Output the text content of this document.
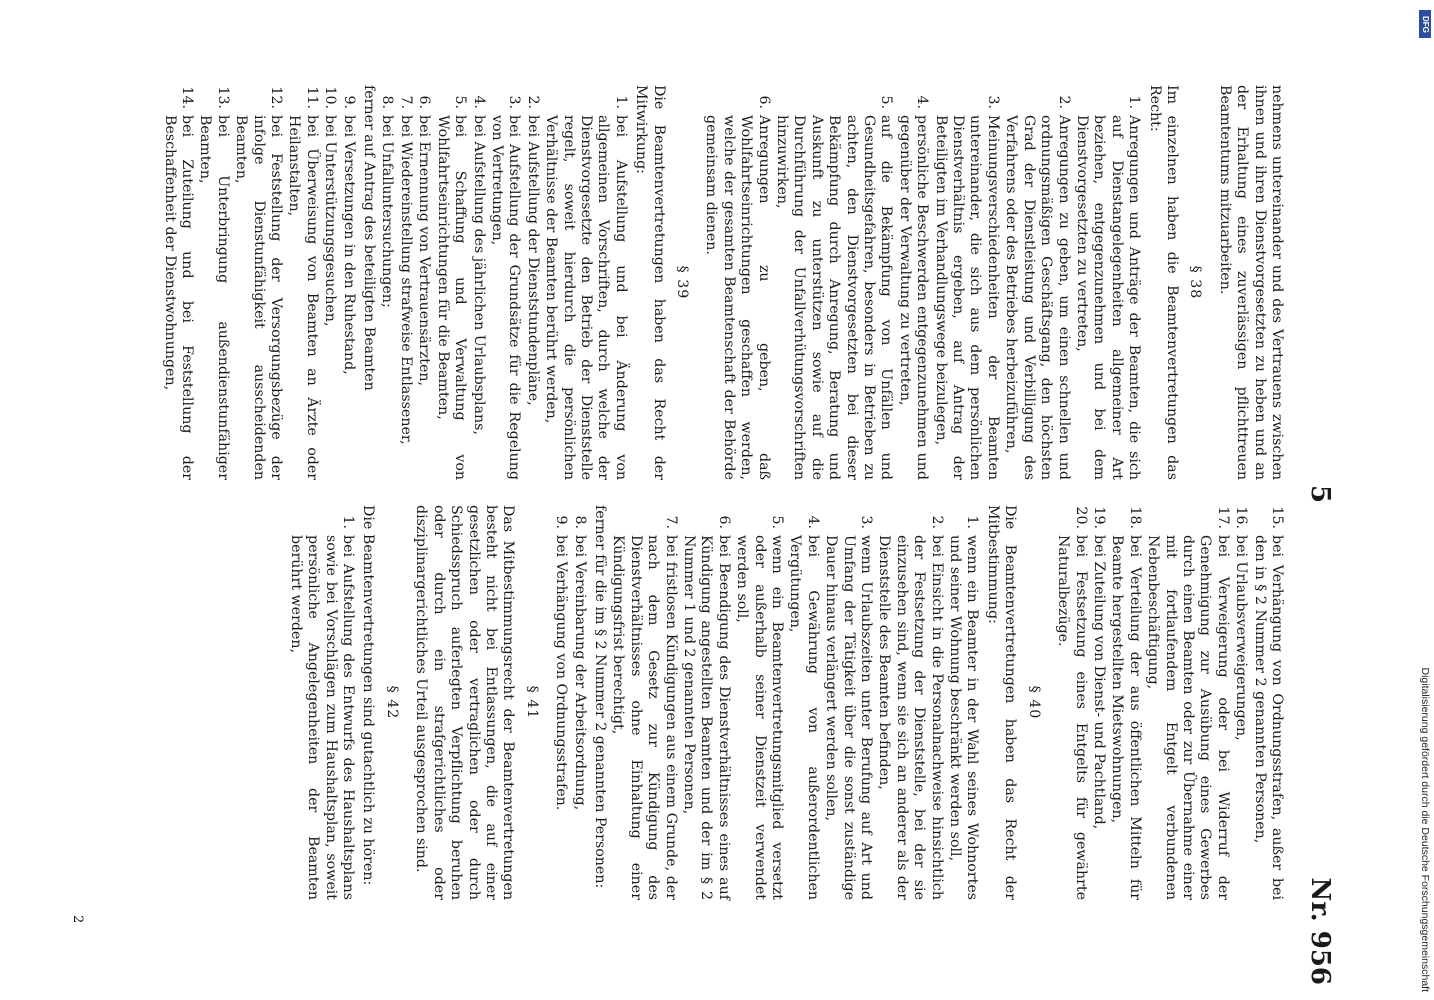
5
Nr. 956

nehmens untereinander und des Vertrauens zwischen ihnen und ihren Dienstvorgesetzten zu heben und an der Erhaltung eines zuverlässigen pflichttreuen Beamtentums mitzuarbeiten.

§ 38

Im einzelnen haben die Beamtenvertretungen das Recht:

1.
Anregungen und Anträge der Beamten, die sich auf Dienstangelegenheiten allgemeiner Art beziehen, entgegenzunehmen und bei dem Dienstvorgesetzten zu vertreten,
2.
Anregungen zu geben, um einen schnellen und ordnungsmäßigen Geschäftsgang, den höchsten Grad der Dienstleistung und Verbilligung des Verfahrens oder des Betriebes herbeizuführen,
3.
Meinungsverschiedenheiten der Beamten untereinander, die sich aus dem persönlichen Dienstverhältnis ergeben, auf Antrag der Beteiligten im Verhandlungswege beizulegen,
4.
persönliche Beschwerden entgegenzunehmen und gegenüber der Verwaltung zu vertreten,
5.
auf die Bekämpfung von Unfällen und Gesundheitsgefahren, besonders in Betrieben zu achten, den Dienstvorgesetzten bei dieser Bekämpfung durch Anregung, Beratung und Auskunft zu unterstützen sowie auf die Durchführung der Unfallverhütungsvorschriften hinzuwirken,
6.
Anregungen zu geben, daß Wohlfahrtseinrichtungen geschaffen werden, welche der gesamten Beamtenschaft der Behörde gemeinsam dienen.
§ 39

Die Beamtenvertretungen haben das Recht der Mitwirkung:

1.
bei Aufstellung und bei Änderung von allgemeinen Vorschriften, durch welche der Dienstvorgesetzte den Betrieb der Dienststelle regelt, soweit hierdurch die persönlichen Verhältnisse der Beamten berührt werden,
2.
bei Aufstellung der Dienststundenpläne,
3.
bei Aufstellung der Grundsätze für die Regelung von Vertretungen,
4.
bei Aufstellung des jährlichen Urlaubsplans,
5.
bei Schaffung und Verwaltung von Wohlfahrtseinrichtungen für die Beamten,
6.
bei Ernennung von Vertrauensärzten,
7.
bei Wiedereinstellung strafweise Entlassener,
8.
bei Unfalluntersuchungen;

ferner auf Antrag des beteiligten Beamten

9.
bei Versetzungen in den Ruhestand,
10.
bei Unterstützungsgesuchen,
11.
bei Überweisung von Beamten an Ärzte oder Heilanstalten,
12.
bei Feststellung der Versorgungsbezüge der infolge Dienstunfähigkeit ausscheidenden Beamten,
13.
bei Unterbringung außendienstunfähiger Beamten,
14.
bei Zuteilung und bei Feststellung der Beschaffenheit der Dienstwohnungen,
15.
bei Verhängung von Ordnungsstrafen, außer bei den in § 2 Nummer 2 genannten Personen,
16.
bei Urlaubsverweigerungen,
17.
bei Verweigerung oder bei Widerruf der Genehmigung zur Ausübung eines Gewerbes durch einen Beamten oder zur Übernahme einer mit fortlaufendem Entgelt verbundenen Nebenbeschäftigung,
18.
bei Verteilung der aus öffentlichen Mitteln für Beamte hergestellten Mietswohnungen,
19.
bei Zuteilung von Dienst- und Pachtland,
20.
bei Festsetzung eines Entgelts für gewährte Naturalbezüge.
§ 40

Die Beamtenvertretungen haben das Recht der Mitbestimmung:

1.
wenn ein Beamter in der Wahl seines Wohnortes und seiner Wohnung beschränkt werden soll,
2.
bei Einsicht in die Personalnachweise hinsichtlich der Festsetzung der Dienststelle, bei der sie einzusehen sind, wenn sie sich an anderer als der Dienststelle des Beamten befinden,
3.
wenn Urlaubszeiten unter Berufung auf Art und Umfang der Tätigkeit über die sonst zuständige Dauer hinaus verlängert werden sollen,
4.
bei Gewährung von außerordentlichen Vergütungen,
5.
wenn ein Beamtenvertretungsmitglied versetzt oder außerhalb seiner Dienstzeit verwendet werden soll,
6.
bei Beendigung des Dienstverhältnisses eines auf Kündigung angestellten Beamten und der im § 2 Nummer 1 und 2 genannten Personen,
7.
bei fristlosen Kündigungen aus einem Grunde, der nach dem Gesetz zur Kündigung des Dienstverhältnisses ohne Einhaltung einer Kündigungsfrist berechtigt,

ferner für die im § 2 Nummer 2 genannten Personen:

8.
bei Vereinbarung der Arbeitsordnung,
9.
bei Verhängung von Ordnungsstrafen.
§ 41

Das Mitbestimmungsrecht der Beamtenvertretungen besteht nicht bei Entlassungen, die auf einer gesetzlichen oder vertraglichen oder durch Schiedsspruch auferlegten Verpflichtung beruhen oder durch ein strafgerichtliches oder disziplinargerichtliches Urteil ausgesprochen sind.

§ 42

Die Beamtenvertretungen sind gutachtlich zu hören:

1.
bei Aufstellung des Entwurfs des Haushaltsplans sowie bei Vorschlägen zum Haushaltsplan, soweit persönliche Angelegenheiten der Beamten berührt werden,
2
DFG
Digitalisierung gefördert durch die Deutsche Forschungsgemeinschaft
